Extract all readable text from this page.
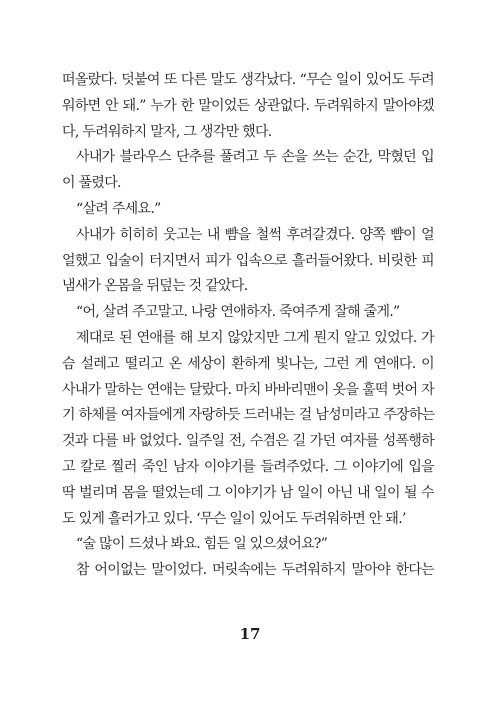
떠올랐다. 덧붙여 또 다른 말도 생각났다. “무슨 일이 있어도 두려
워하면 안 돼.” 누가 한 말이었든 상관없다. 두려워하지 말아야겠
다, 두려워하지 말자, 그 생각만 했다.
사내가 블라우스 단추를 풀려고 두 손을 쓰는 순간, 막혔던 입
이 풀렸다.
“살려 주세요.”
사내가 히히히 웃고는 내 뺨을 철썩 후려갈겼다. 양쪽 뺨이 얼
얼했고 입술이 터지면서 피가 입속으로 흘러들어왔다. 비릿한 피
냄새가 온몸을 뒤덮는 것 같았다.
“어, 살려 주고말고. 나랑 연애하자. 죽여주게 잘해 줄게.”
제대로 된 연애를 해 보지 않았지만 그게 뭔지 알고 있었다. 가
슴 설레고 떨리고 온 세상이 환하게 빛나는, 그런 게 연애다. 이
사내가 말하는 연애는 달랐다. 마치 바바리맨이 옷을 훌떡 벗어 자
기 하체를 여자들에게 자랑하듯 드러내는 걸 남성미라고 주장하는
것과 다를 바 없었다. 일주일 전, 수겸은 길 가던 여자를 성폭행하
고 칼로 찔러 죽인 남자 이야기를 들려주었다. 그 이야기에 입을
딱 벌리며 몸을 떨었는데 그 이야기가 남 일이 아닌 내 일이 될 수
도 있게 흘러가고 있다. ‘무슨 일이 있어도 두려워하면 안 돼.’
“술 많이 드셨나 봐요. 힘든 일 있으셨어요?”
참 어이없는 말이었다. 머릿속에는 두려워하지 말아야 한다는
17
